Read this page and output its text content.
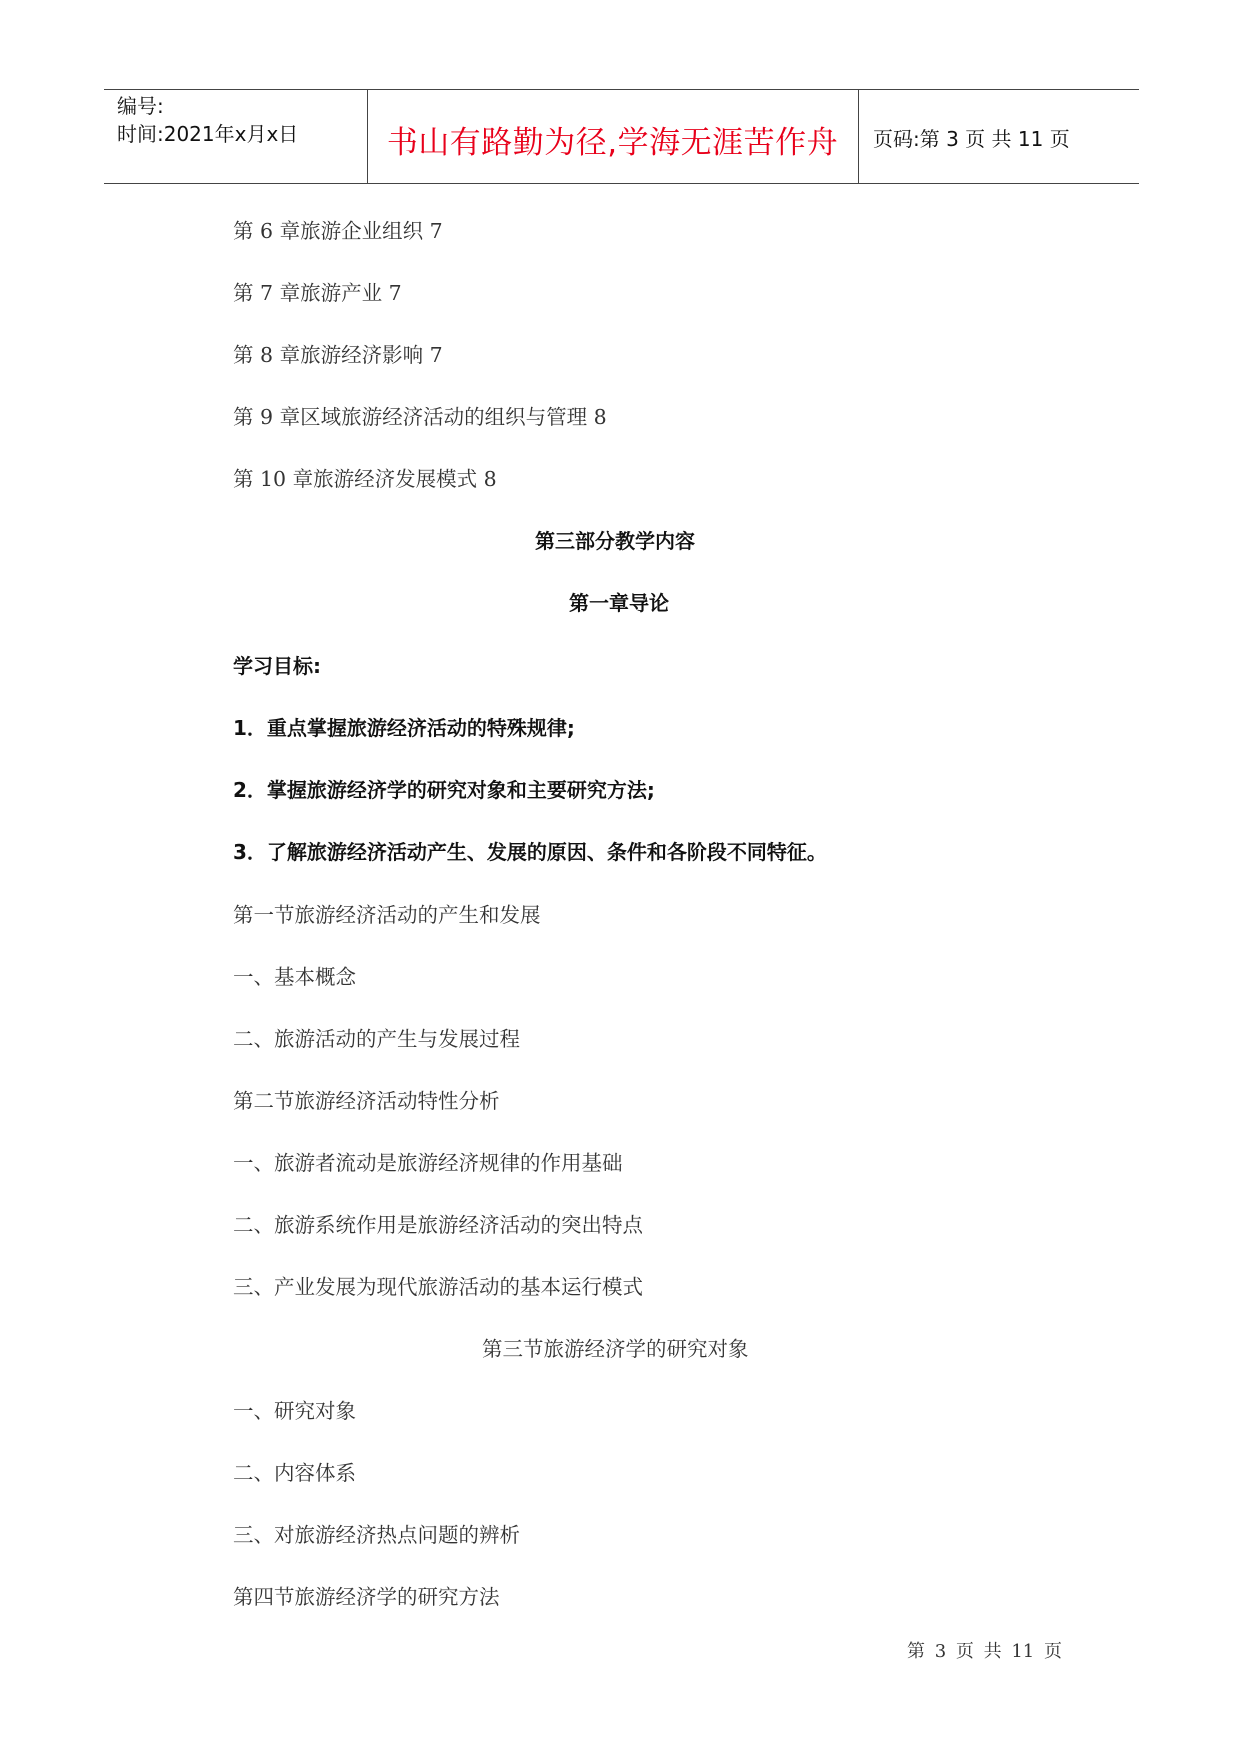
编号:
时间:2021年x月x日	书山有路勤为径,学海无涯苦作舟	页码:第 3 页 共 11 页
第 6 章旅游企业组织 7
第 7 章旅游产业 7
第 8 章旅游经济影响 7
第 9 章区域旅游经济活动的组织与管理 8
第 10 章旅游经济发展模式 8
第三部分教学内容
第一章导论
学习目标:
1．重点掌握旅游经济活动的特殊规律;
2．掌握旅游经济学的研究对象和主要研究方法;
3．了解旅游经济活动产生、发展的原因、条件和各阶段不同特征。
第一节旅游经济活动的产生和发展
一、基本概念
二、旅游活动的产生与发展过程
第二节旅游经济活动特性分析
一、旅游者流动是旅游经济规律的作用基础
二、旅游系统作用是旅游经济活动的突出特点
三、产业发展为现代旅游活动的基本运行模式
第三节旅游经济学的研究对象
一、研究对象
二、内容体系
三、对旅游经济热点问题的辨析
第四节旅游经济学的研究方法
第 3 页 共 11 页
